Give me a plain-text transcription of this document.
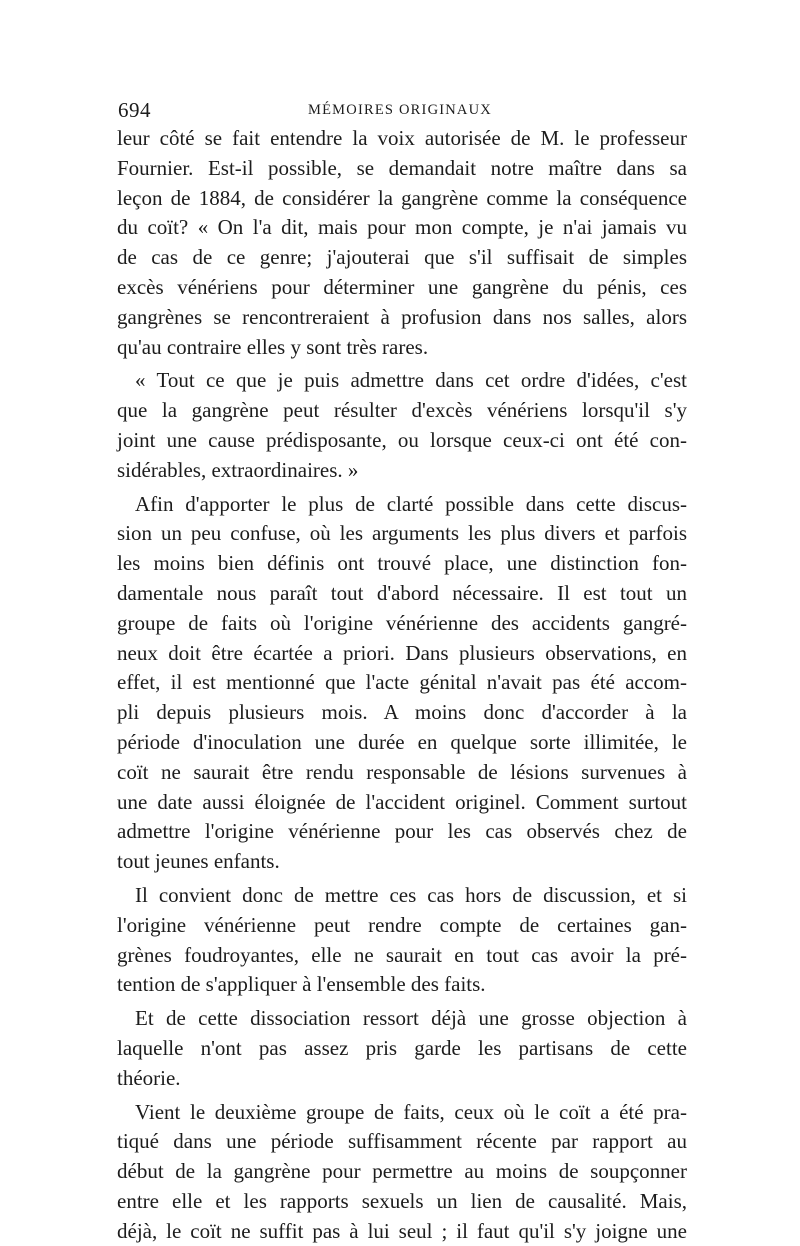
694	MÉMOIRES ORIGINAUX
leur côté se fait entendre la voix autorisée de M. le professeur
Fournier. Est-il possible, se demandait notre maître dans sa
leçon de 1884, de considérer la gangrène comme la conséquence
du coït? « On l'a dit, mais pour mon compte, je n'ai jamais vu
de cas de ce genre; j'ajouterai que s'il suffisait de simples
excès vénériens pour déterminer une gangrène du pénis, ces
gangrènes se rencontreraient à profusion dans nos salles, alors
qu'au contraire elles y sont très rares.
« Tout ce que je puis admettre dans cet ordre d'idées, c'est
que la gangrène peut résulter d'excès vénériens lorsqu'il s'y
joint une cause prédisposante, ou lorsque ceux-ci ont été con-
sidérables, extraordinaires. »
Afin d'apporter le plus de clarté possible dans cette discus-
sion un peu confuse, où les arguments les plus divers et parfois
les moins bien définis ont trouvé place, une distinction fon-
damentale nous paraît tout d'abord nécessaire. Il est tout un
groupe de faits où l'origine vénérienne des accidents gangré-
neux doit être écartée a priori. Dans plusieurs observations, en
effet, il est mentionné que l'acte génital n'avait pas été accom-
pli depuis plusieurs mois. A moins donc d'accorder à la
période d'inoculation une durée en quelque sorte illimitée, le
coït ne saurait être rendu responsable de lésions survenues à
une date aussi éloignée de l'accident originel. Comment surtout
admettre l'origine vénérienne pour les cas observés chez de
tout jeunes enfants.
Il convient donc de mettre ces cas hors de discussion, et si
l'origine vénérienne peut rendre compte de certaines gan-
grènes foudroyantes, elle ne saurait en tout cas avoir la pré-
tention de s'appliquer à l'ensemble des faits.
Et de cette dissociation ressort déjà une grosse objection à
laquelle n'ont pas assez pris garde les partisans de cette
théorie.
Vient le deuxième groupe de faits, ceux où le coït a été pra-
tiqué dans une période suffisamment récente par rapport au
début de la gangrène pour permettre au moins de soupçonner
entre elle et les rapports sexuels un lien de causalité. Mais,
déjà, le coït ne suffit pas à lui seul ; il faut qu'il s'y joigne une
